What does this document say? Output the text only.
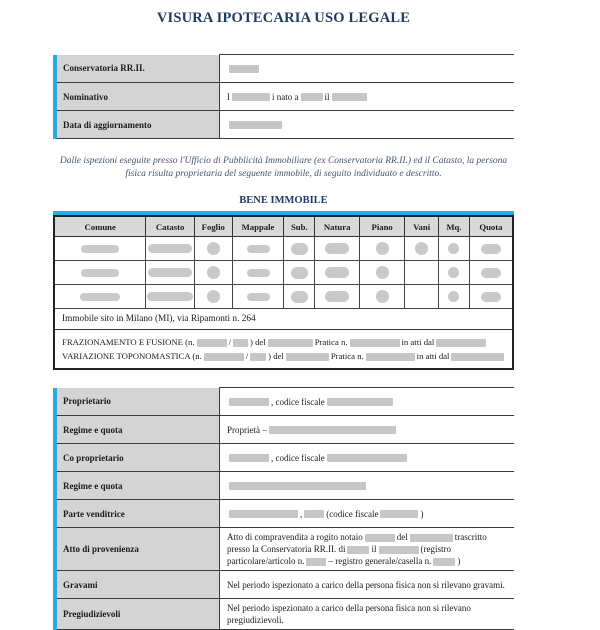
VISURA IPOTECARIA USO LEGALE
Conservatoria RR.II.	
Nominativo	I i nato a il
Data di aggiornamento	

Dalle ispezioni eseguite presso l'Ufficio di Pubblicità Immobiliare (ex Conservatoria RR.II.) ed il Catasto, la persona fisica risulta proprietaria del seguente immobile, di seguito individuato e descritto.

BENE IMMOBILE
Comune	Catasto	Foglio	Mappale	Sub.	Natura	Piano	Vani	Mq.	Quota

Immobile sito in Milano (MI), via Ripamonti n. 264									

FRAZIONAMENTO E FUSIONE (n. / ) del Pratica n. in atti dal
VARIAZIONE TOPONOMASTICA (n. / ) del Pratica n. in atti dal									
Proprietario	, codice fiscale
Regime e quota	Proprietà –
Co proprietario	, codice fiscale
Regime e quota	
Parte venditrice	, (codice fiscale )
Atto di provenienza	Atto di compravendita a rogito notaio del trascritto presso la Conservatoria RR.II. di il (registro particolare/articolo n. – registro generale/casella n. )
Gravami	Nel periodo ispezionato a carico della persona fisica non si rilevano gravami.
Pregiudizievoli	Nel periodo ispezionato a carico della persona fisica non si rilevano pregiudizievoli.
